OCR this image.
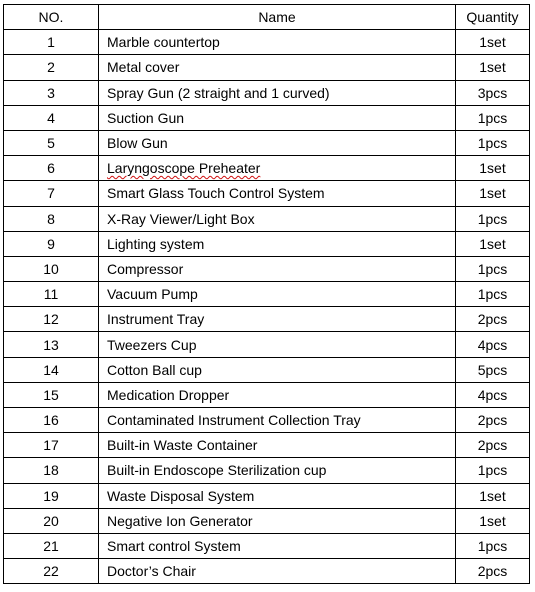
NO.	Name	Quantity
1	Marble countertop	1set
2	Metal cover	1set
3	Spray Gun (2 straight and 1 curved)	3pcs
4	Suction Gun	1pcs
5	Blow Gun	1pcs
6	Laryngoscope Preheater	1set
7	Smart Glass Touch Control System	1set
8	X-Ray Viewer/Light Box	1pcs
9	Lighting system	1set
10	Compressor	1pcs
11	Vacuum Pump	1pcs
12	Instrument Tray	2pcs
13	Tweezers Cup	4pcs
14	Cotton Ball cup	5pcs
15	Medication Dropper	4pcs
16	Contaminated Instrument Collection Tray	2pcs
17	Built-in Waste Container	2pcs
18	Built-in Endoscope Sterilization cup	1pcs
19	Waste Disposal System	1set
20	Negative Ion Generator	1set
21	Smart control System	1pcs
22	Doctor’s Chair	2pcs
